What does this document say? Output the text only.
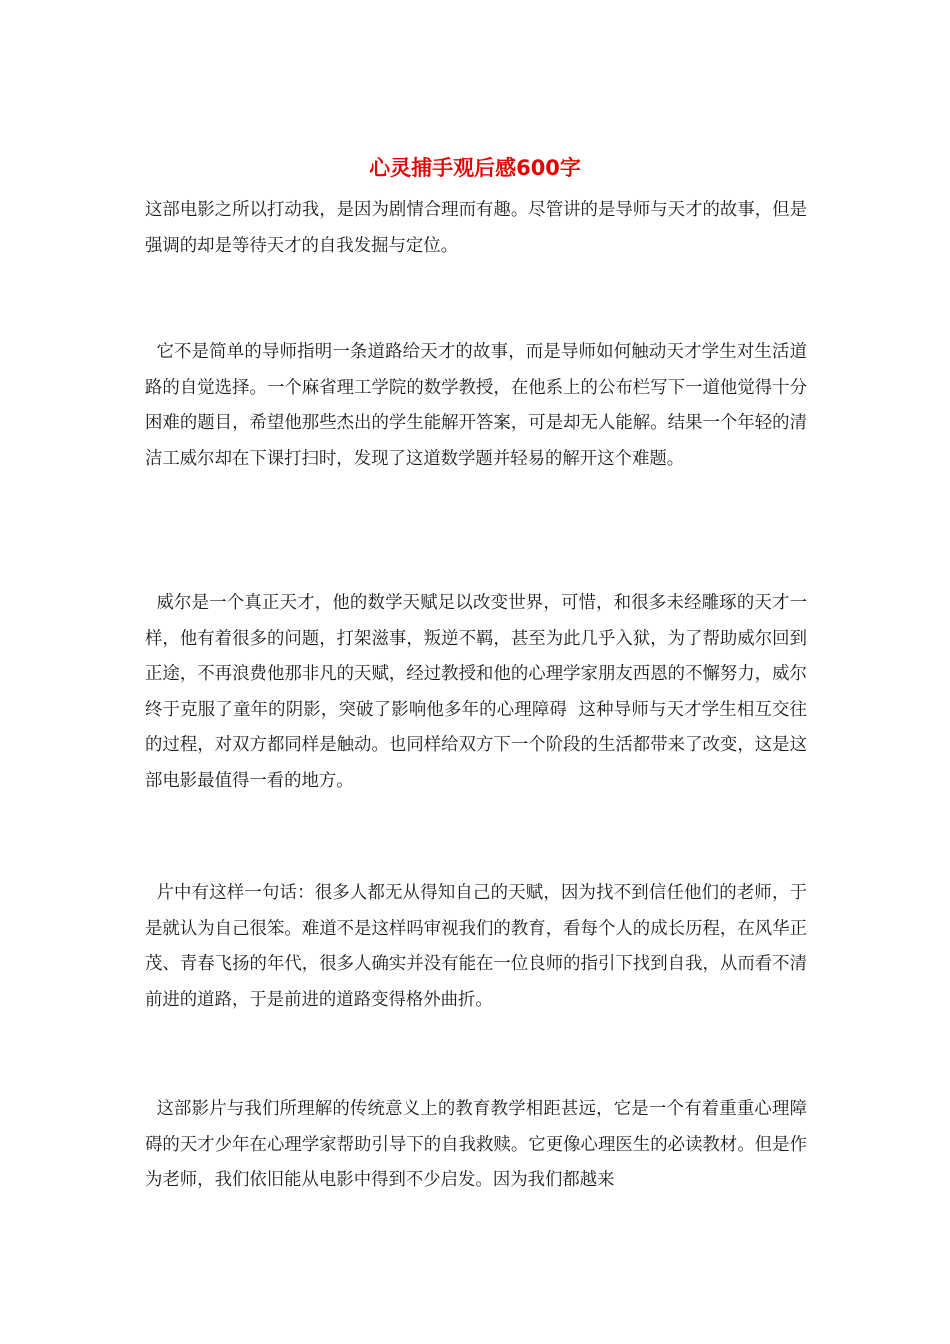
心灵捕手观后感600字

这部电影之所以打动我，是因为剧情合理而有趣。尽管讲的是导师与天才的故事，但是强调的却是等待天才的自我发掘与定位。

它不是简单的导师指明一条道路给天才的故事，而是导师如何触动天才学生对生活道路的自觉选择。一个麻省理工学院的数学教授，在他系上的公布栏写下一道他觉得十分困难的题目，希望他那些杰出的学生能解开答案，可是却无人能解。结果一个年轻的清洁工威尔却在下课打扫时，发现了这道数学题并轻易的解开这个难题。

威尔是一个真正天才，他的数学天赋足以改变世界，可惜，和很多未经雕琢的天才一样，他有着很多的问题，打架滋事，叛逆不羁，甚至为此几乎入狱，为了帮助威尔回到正途，不再浪费他那非凡的天赋，经过教授和他的心理学家朋友西恩的不懈努力，威尔终于克服了童年的阴影，突破了影响他多年的心理障碍  这种导师与天才学生相互交往的过程，对双方都同样是触动。也同样给双方下一个阶段的生活都带来了改变，这是这部电影最值得一看的地方。

片中有这样一句话：很多人都无从得知自己的天赋，因为找不到信任他们的老师，于是就认为自己很笨。难道不是这样吗审视我们的教育，看每个人的成长历程，在风华正茂、青春飞扬的年代，很多人确实并没有能在一位良师的指引下找到自我，从而看不清前进的道路，于是前进的道路变得格外曲折。

这部影片与我们所理解的传统意义上的教育教学相距甚远，它是一个有着重重心理障碍的天才少年在心理学家帮助引导下的自我救赎。它更像心理医生的必读教材。但是作为老师，我们依旧能从电影中得到不少启发。因为我们都越来
